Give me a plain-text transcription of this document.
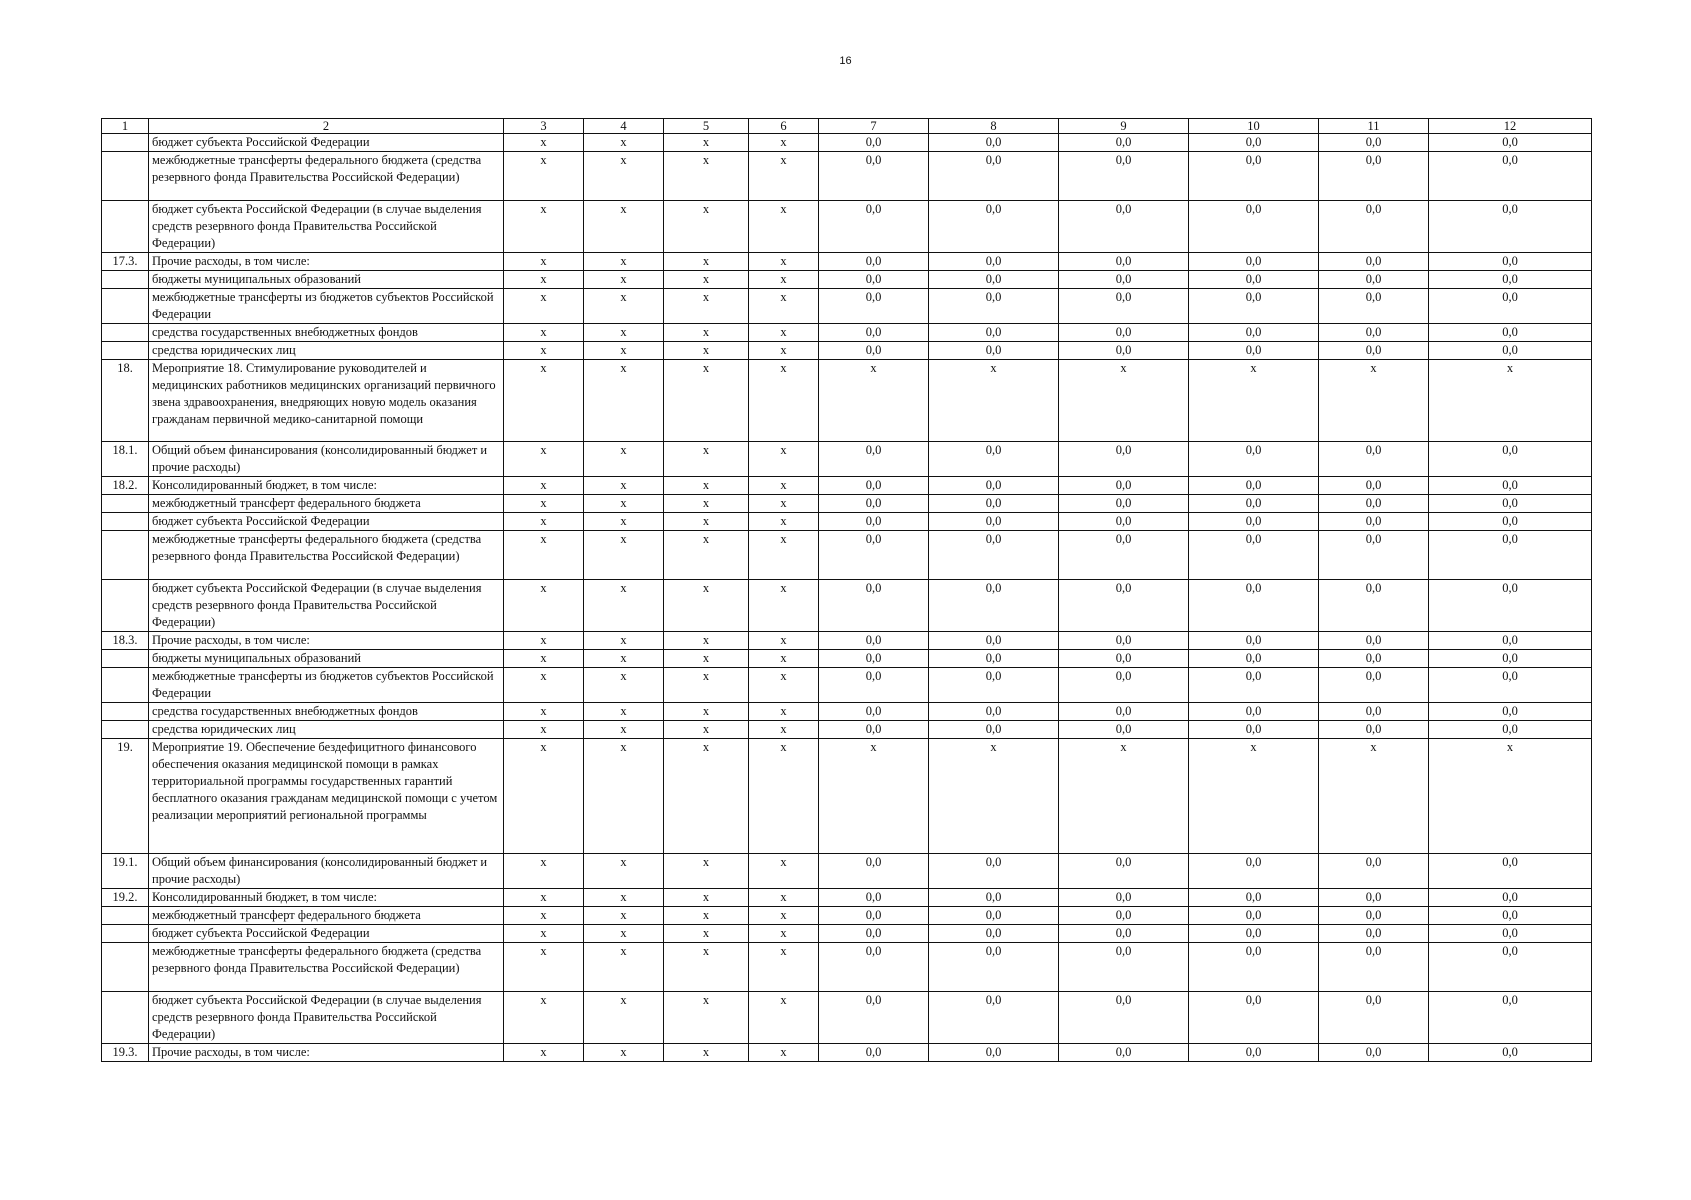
16
1	2	3	4	5	6	7	8	9	10	11	12
	бюджет субъекта Российской Федерации	x	x	x	x	0,0	0,0	0,0	0,0	0,0	0,0
	межбюджетные трансферты федерального бюджета (средства резервного фонда Правительства Российской Федерации)	x	x	x	x	0,0	0,0	0,0	0,0	0,0	0,0
	бюджет субъекта Российской Федерации (в случае выделения средств резервного фонда Правительства Российской Федерации)	x	x	x	x	0,0	0,0	0,0	0,0	0,0	0,0
17.3.	Прочие расходы, в том числе:	x	x	x	x	0,0	0,0	0,0	0,0	0,0	0,0
	бюджеты муниципальных образований	x	x	x	x	0,0	0,0	0,0	0,0	0,0	0,0
	межбюджетные трансферты из бюджетов субъектов Российской Федерации	x	x	x	x	0,0	0,0	0,0	0,0	0,0	0,0
	средства государственных внебюджетных фондов	x	x	x	x	0,0	0,0	0,0	0,0	0,0	0,0
	средства юридических лиц	x	x	x	x	0,0	0,0	0,0	0,0	0,0	0,0
18.	Мероприятие 18. Стимулирование руководителей и медицинских работников медицинских организаций первичного звена здравоохранения, внедряющих новую модель оказания гражданам первичной медико-санитарной помощи	x	x	x	x	x	x	x	x	x	x
18.1.	Общий объем финансирования (консолидированный бюджет и прочие расходы)	x	x	x	x	0,0	0,0	0,0	0,0	0,0	0,0
18.2.	Консолидированный бюджет, в том числе:	x	x	x	x	0,0	0,0	0,0	0,0	0,0	0,0
	межбюджетный трансферт федерального бюджета	x	x	x	x	0,0	0,0	0,0	0,0	0,0	0,0
	бюджет субъекта Российской Федерации	x	x	x	x	0,0	0,0	0,0	0,0	0,0	0,0
	межбюджетные трансферты федерального бюджета (средства резервного фонда Правительства Российской Федерации)	x	x	x	x	0,0	0,0	0,0	0,0	0,0	0,0
	бюджет субъекта Российской Федерации (в случае выделения средств резервного фонда Правительства Российской Федерации)	x	x	x	x	0,0	0,0	0,0	0,0	0,0	0,0
18.3.	Прочие расходы, в том числе:	x	x	x	x	0,0	0,0	0,0	0,0	0,0	0,0
	бюджеты муниципальных образований	x	x	x	x	0,0	0,0	0,0	0,0	0,0	0,0
	межбюджетные трансферты из бюджетов субъектов Российской Федерации	x	x	x	x	0,0	0,0	0,0	0,0	0,0	0,0
	средства государственных внебюджетных фондов	x	x	x	x	0,0	0,0	0,0	0,0	0,0	0,0
	средства юридических лиц	x	x	x	x	0,0	0,0	0,0	0,0	0,0	0,0
19.	Мероприятие 19. Обеспечение бездефицитного финансового обеспечения оказания медицинской помощи в рамках территориальной программы государственных гарантий бесплатного оказания гражданам медицинской помощи с учетом реализации мероприятий региональной программы	x	x	x	x	x	x	x	x	x	x
19.1.	Общий объем финансирования (консолидированный бюджет и прочие расходы)	x	x	x	x	0,0	0,0	0,0	0,0	0,0	0,0
19.2.	Консолидированный бюджет, в том числе:	x	x	x	x	0,0	0,0	0,0	0,0	0,0	0,0
	межбюджетный трансферт федерального бюджета	x	x	x	x	0,0	0,0	0,0	0,0	0,0	0,0
	бюджет субъекта Российской Федерации	x	x	x	x	0,0	0,0	0,0	0,0	0,0	0,0
	межбюджетные трансферты федерального бюджета (средства резервного фонда Правительства Российской Федерации)	x	x	x	x	0,0	0,0	0,0	0,0	0,0	0,0
	бюджет субъекта Российской Федерации (в случае выделения средств резервного фонда Правительства Российской Федерации)	x	x	x	x	0,0	0,0	0,0	0,0	0,0	0,0
19.3.	Прочие расходы, в том числе:	x	x	x	x	0,0	0,0	0,0	0,0	0,0	0,0
